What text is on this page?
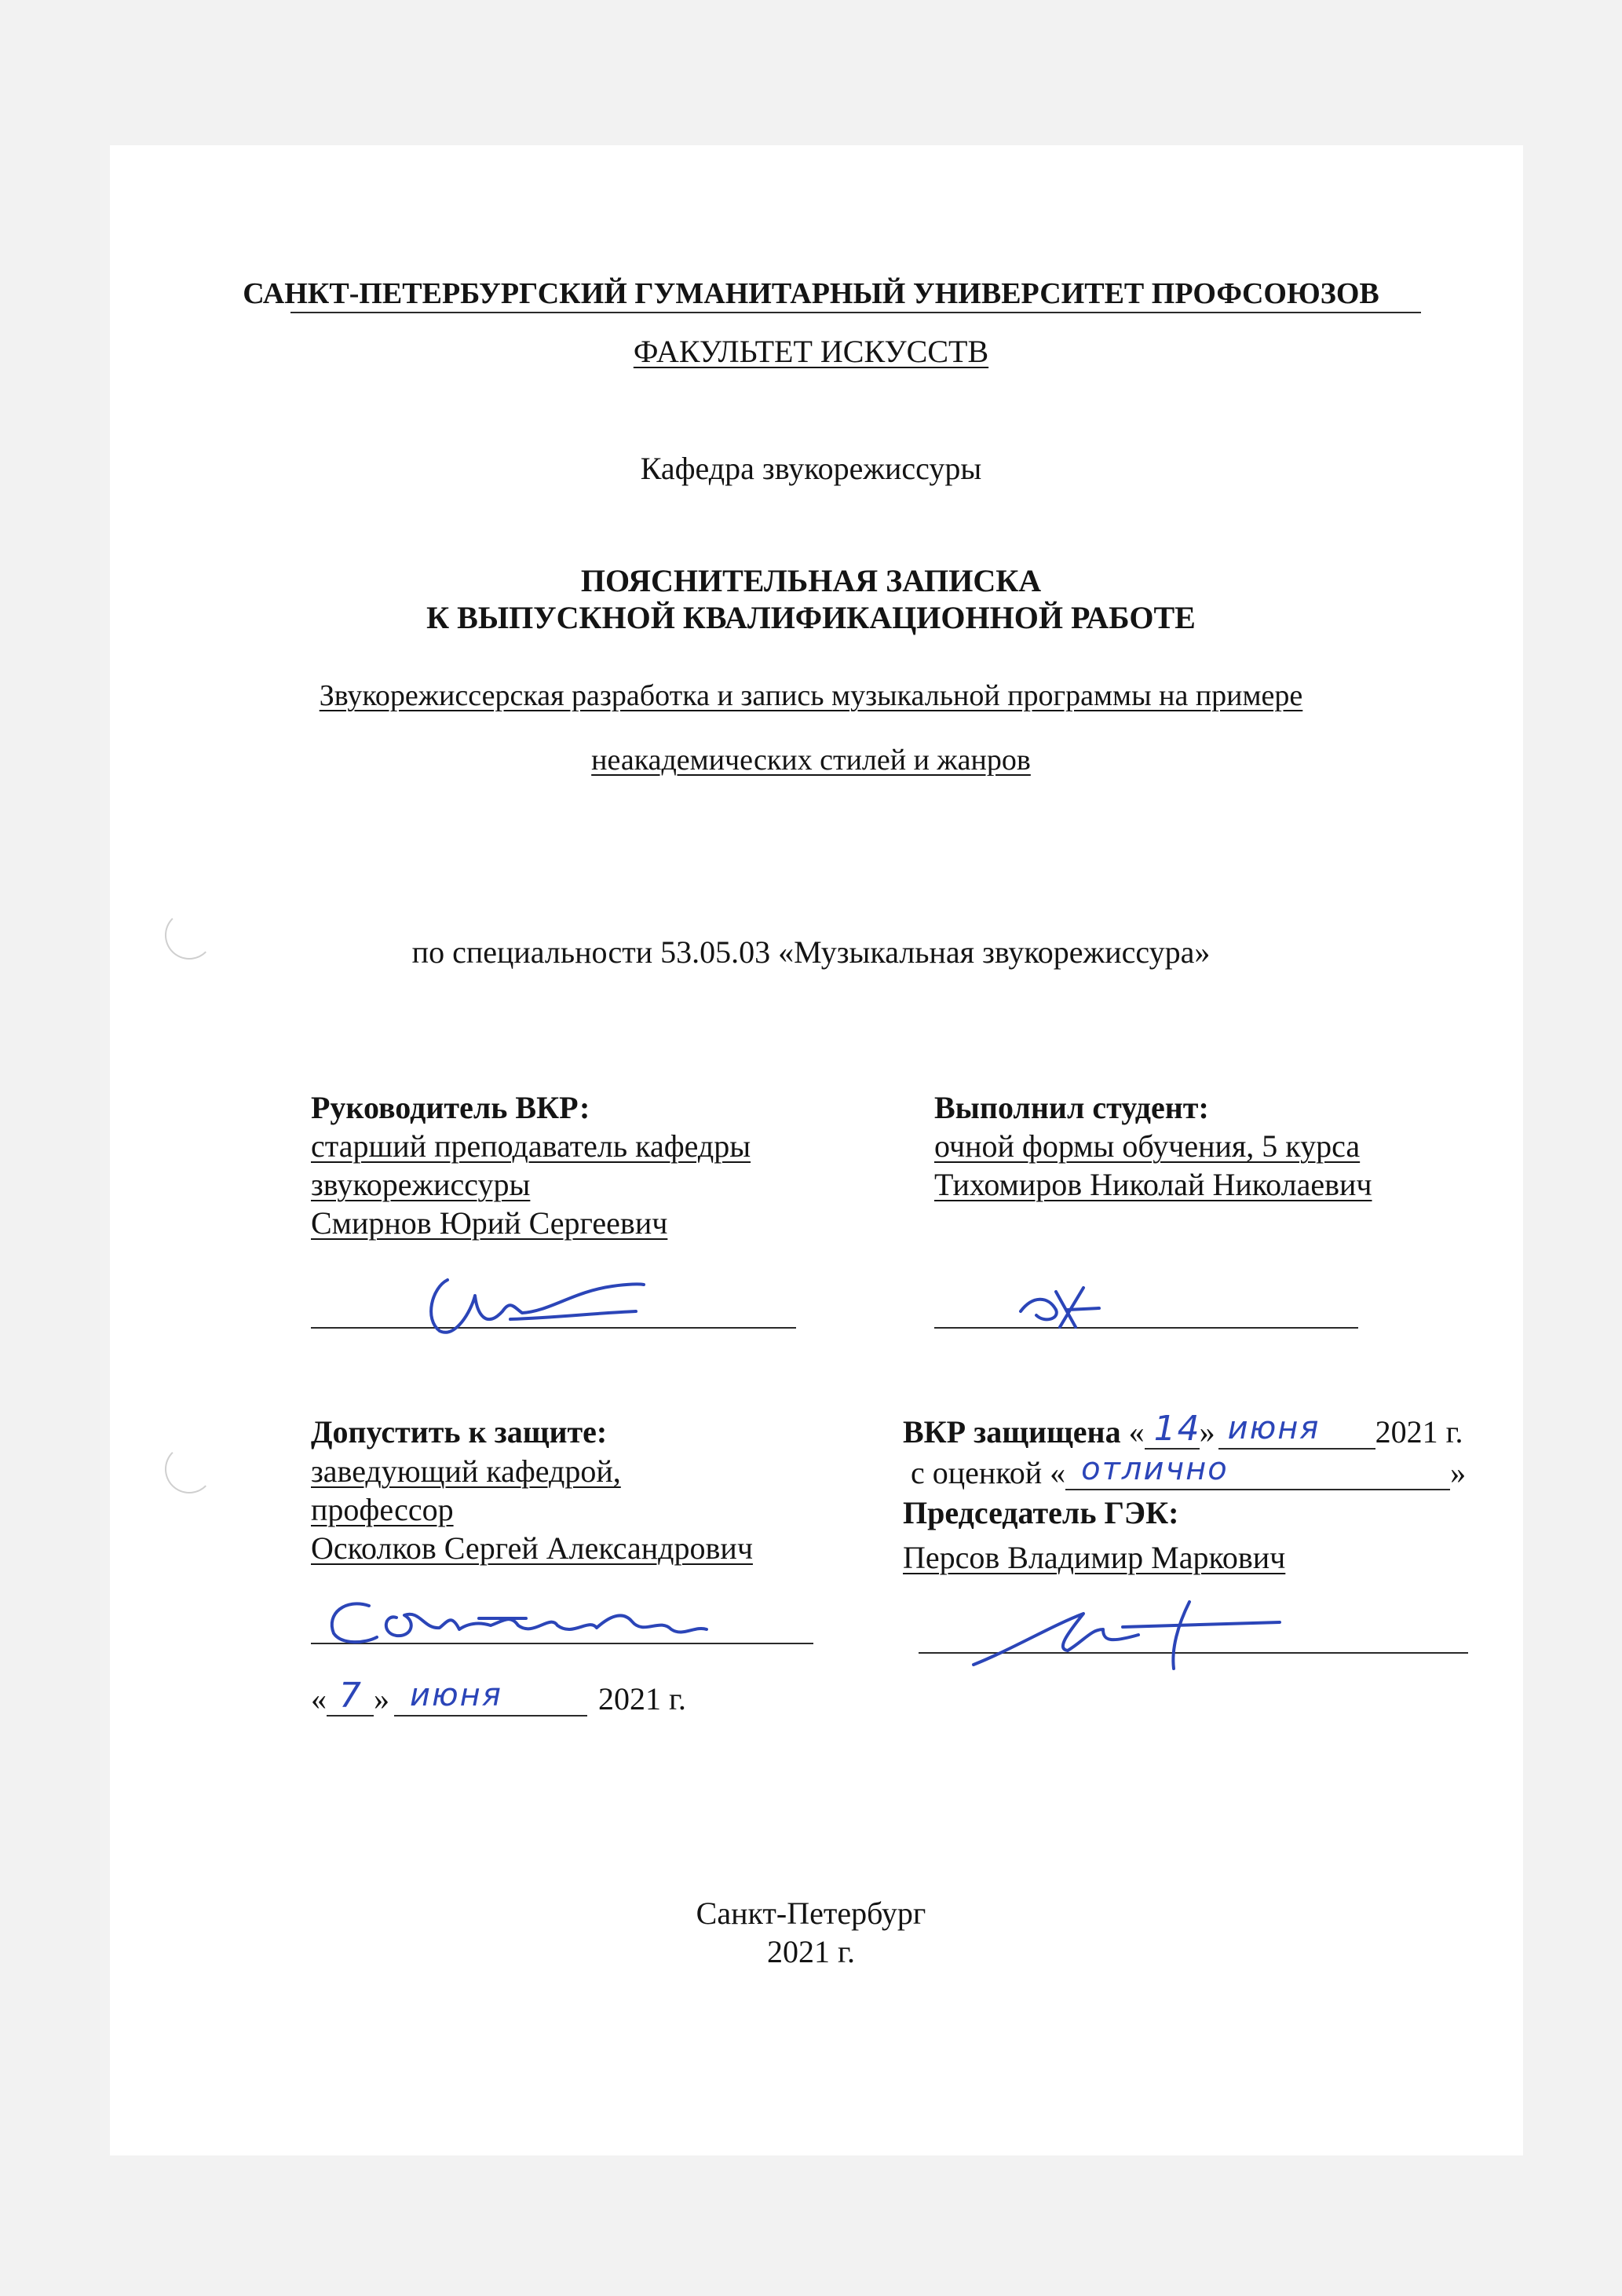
САНКТ-ПЕТЕРБУРГСКИЙ ГУМАНИТАРНЫЙ УНИВЕРСИТЕТ ПРОФСОЮЗОВ
ФАКУЛЬТЕТ ИСКУССТВ
Кафедра звукорежиссуры
ПОЯСНИТЕЛЬНАЯ ЗАПИСКА
К ВЫПУСКНОЙ КВАЛИФИКАЦИОННОЙ РАБОТЕ
Звукорежиссерская разработка и запись музыкальной программы на примере
неакадемических стилей и жанров
по специальности 53.05.03 «Музыкальная звукорежиссура»
Руководитель ВКР:
старший преподаватель кафедры
звукорежиссуры
Смирнов Юрий Сергеевич
Выполнил студент:
очной формы обучения, 5 курса
Тихомиров Николай Николаевич
Допустить к защите:
заведующий кафедрой,
профессор
Осколков Сергей Александрович
« 7 » июня	2021 г.
ВКР защищена « 14
» июня 2021 г.
с оценкой « отлично	»
Председатель ГЭК:
Персов Владимир Маркович
Санкт-Петербург
2021 г.
